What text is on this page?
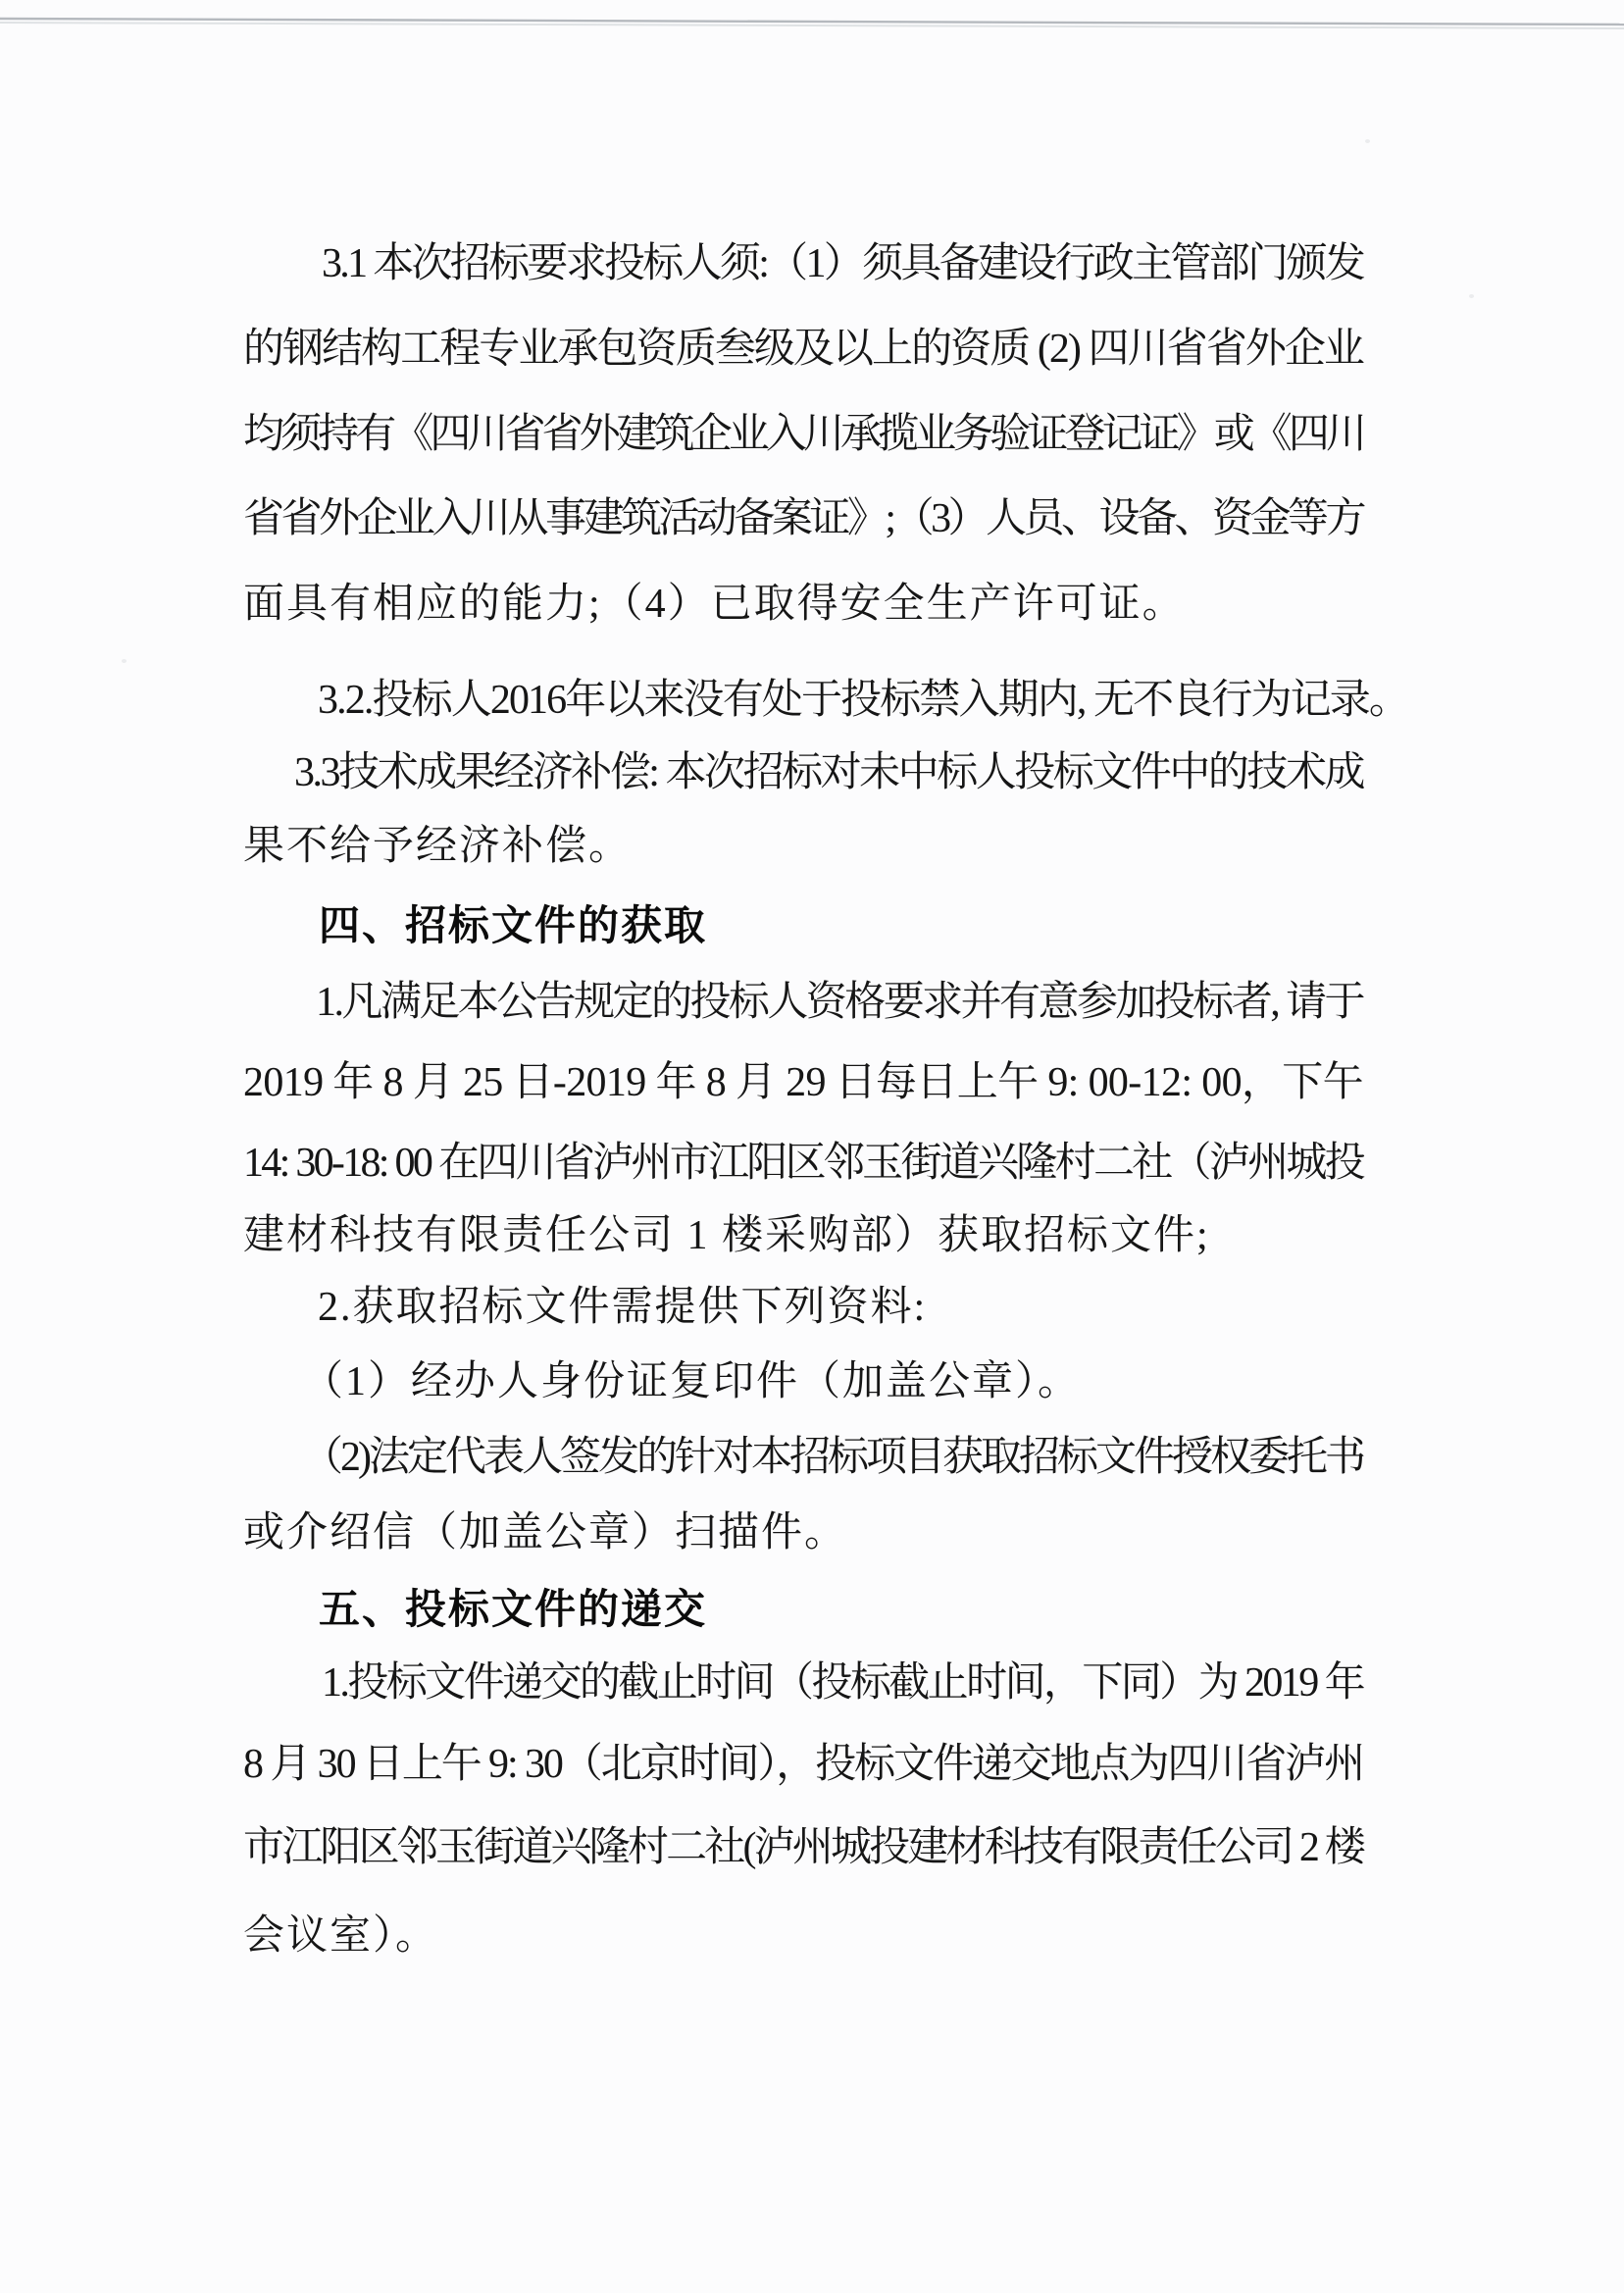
3.1 本次招标要求投标人须:（1）须具备建设行政主管部门颁发
的钢结构工程专业承包资质叁级及以上的资质 (2) 四川省省外企业
均须持有《四川省省外建筑企业入川承揽业务验证登记证》或《四川
省省外企业入川从事建筑活动备案证》;（3）人员、设备、资金等方
面具有相应的能力;（4）已取得安全生产许可证。
3.2.投标人2016年以来没有处于投标禁入期内, 无不良行为记录。
3.3技术成果经济补偿: 本次招标对未中标人投标文件中的技术成
果不给予经济补偿。
四、招标文件的获取
1.凡满足本公告规定的投标人资格要求并有意参加投标者, 请于
2019 年 8 月 25 日-2019 年 8 月 29 日每日上午 9: 00-12: 00，下午
14: 30-18: 00 在四川省泸州市江阳区邻玉街道兴隆村二社（泸州城投
建材科技有限责任公司 1 楼采购部）获取招标文件;
2.获取招标文件需提供下列资料:
（1）经办人身份证复印件（加盖公章）。
（2)法定代表人签发的针对本招标项目获取招标文件授权委托书
或介绍信（加盖公章）扫描件。
五、投标文件的递交
1.投标文件递交的截止时间（投标截止时间，下同）为 2019 年
8 月 30 日上午 9: 30（北京时间），投标文件递交地点为四川省泸州
市江阳区邻玉街道兴隆村二社(泸州城投建材科技有限责任公司 2 楼
会议室）。
